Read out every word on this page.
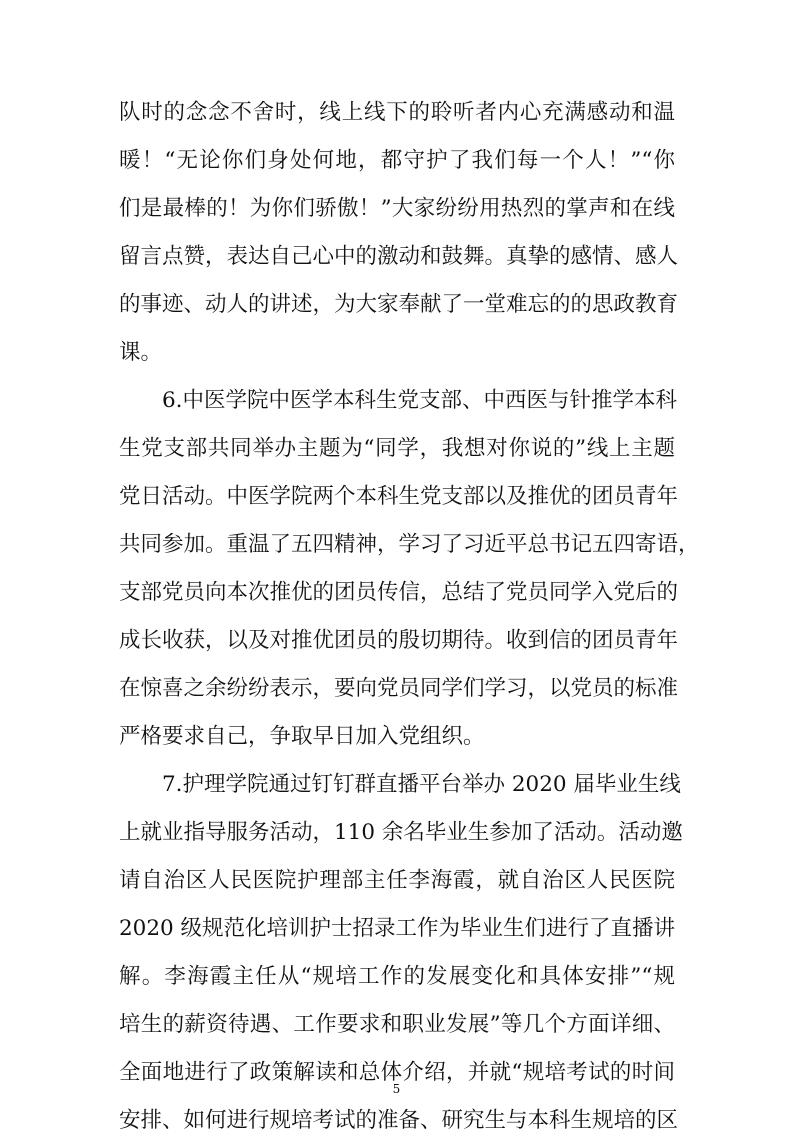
队时的念念不舍时，线上线下的聆听者内心充满感动和温
暖！“无论你们身处何地，都守护了我们每一个人！”“你
们是最棒的！为你们骄傲！”大家纷纷用热烈的掌声和在线
留言点赞，表达自己心中的激动和鼓舞。真挚的感情、感人
的事迹、动人的讲述，为大家奉献了一堂难忘的的思政教育
课。
6.中医学院中医学本科生党支部、中西医与针推学本科
生党支部共同举办主题为“同学，我想对你说的”线上主题
党日活动。中医学院两个本科生党支部以及推优的团员青年
共同参加。重温了五四精神，学习了习近平总书记五四寄语，
支部党员向本次推优的团员传信，总结了党员同学入党后的
成长收获，以及对推优团员的殷切期待。收到信的团员青年
在惊喜之余纷纷表示，要向党员同学们学习，以党员的标准
严格要求自己，争取早日加入党组织。
7.护理学院通过钉钉群直播平台举办 2020 届毕业生线
上就业指导服务活动，110 余名毕业生参加了活动。活动邀
请自治区人民医院护理部主任李海霞，就自治区人民医院
2020 级规范化培训护士招录工作为毕业生们进行了直播讲
解。李海霞主任从“规培工作的发展变化和具体安排”“规
培生的薪资待遇、工作要求和职业发展”等几个方面详细、
全面地进行了政策解读和总体介绍，并就“规培考试的时间
安排、如何进行规培考试的准备、研究生与本科生规培的区
5
